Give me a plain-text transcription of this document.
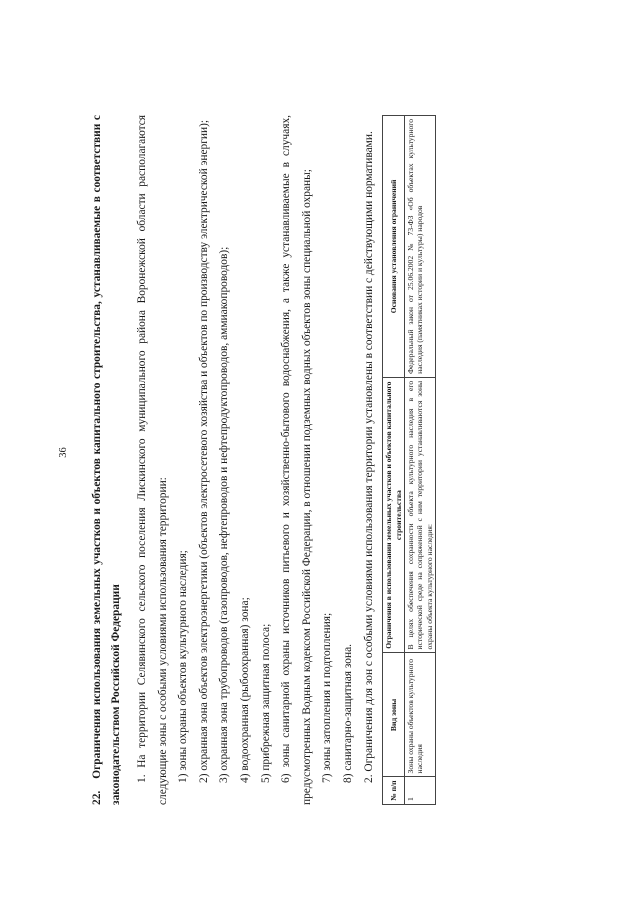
36
22.Ограничения использования земельных участков и объектов капитального строительства, устанавливаемые в соответствии с законодательством Российской Федерации	1. На территории Селявинского сельского поселения Лискинского муниципального района Воронежской области располагаются следующие зоны с особыми условиями использования территории: 1) зоны охраны объектов культурного наследия; 2) охранная зона объектов электроэнергетики (объектов электросетевого хозяйства и объектов по производству электрической энергии); 3) охранная зона трубопроводов (газопроводов, нефтепроводов и нефтепродуктопроводов, аммиакопроводов); 4) водоохранная (рыбоохранная) зона; 5) прибрежная защитная полоса; 6) зоны санитарной охраны источников питьевого и хозяйственно-бытового водоснабжения, а также устанавливаемые в случаях, предусмотренных Водным кодексом Российской Федерации, в отношении подземных водных объектов зоны специальной охраны; 7) зоны затопления и подтопления; 8) санитарно-защитная зона. 2. Ограничения для зон с особыми условиями использования территории установлены в соответствии с действующими нормативами.

№ п/п	Вид зоны	Ограничения в использовании земельных участков и объектов капитального строительства	Основания установления ограничений
1	Зоны охраны объектов культурного наследия	В целях обеспечения сохранности объекта культурного наследия в его исторической среде на сопряженной с ним территории устанавливаются зоны охраны объекта культурного наследия:	Федеральный закон от 25.06.2002 № 73-ФЗ «Об объектах культурного наследия (памятниках истории и культуры) народов
